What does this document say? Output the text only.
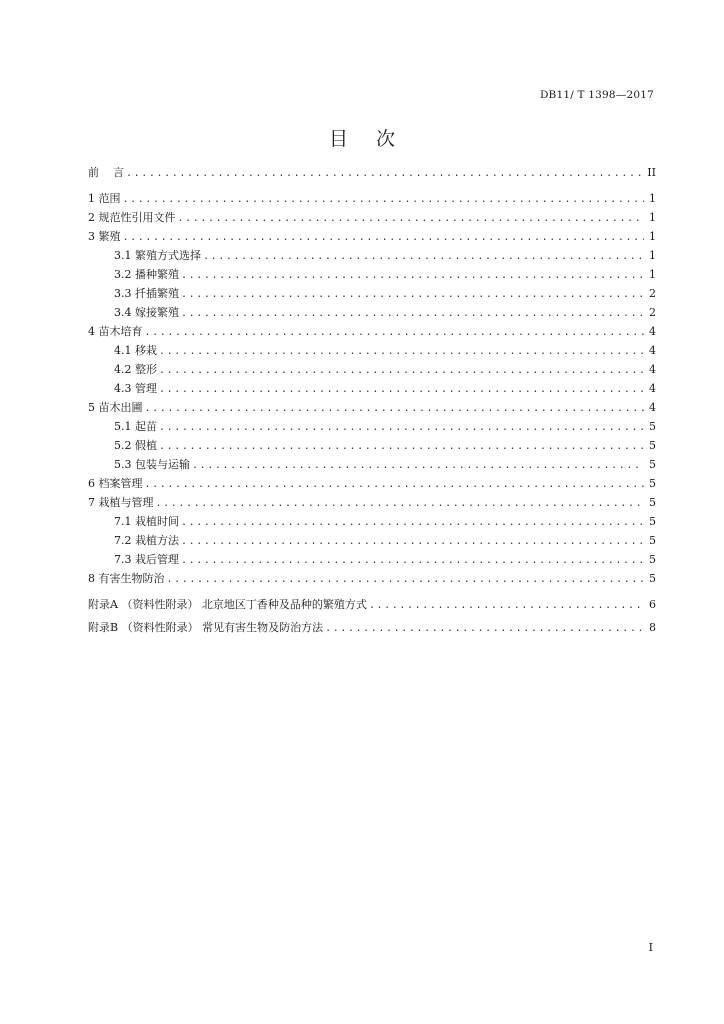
DB11/ T 1398—2017
目次
前    言 .....	II
1 范围 .....	1
2 规范性引用文件 .....	1
3 繁殖 .....	1
3.1 繁殖方式选择 .....	1
3.2 播种繁殖 .....	1
3.3 扦插繁殖 .....	2
3.4 嫁接繁殖 .....	2
4 苗木培育 .....	4
4.1 移栽 .....	4
4.2 整形 .....	4
4.3 管理 .....	4
5 苗木出圃 .....	4
5.1 起苗 .....	5
5.2 假植 .....	5
5.3 包装与运输 .....	5
6 档案管理 .....	5
7 栽植与管理 .....	5
7.1 栽植时间 .....	5
7.2 栽植方法 .....	5
7.3 栽后管理 .....	5
8 有害生物防治 .....	5
附录A （资料性附录） 北京地区丁香种及品种的繁殖方式 .....	6
附录B （资料性附录） 常见有害生物及防治方法 .....	8
I
